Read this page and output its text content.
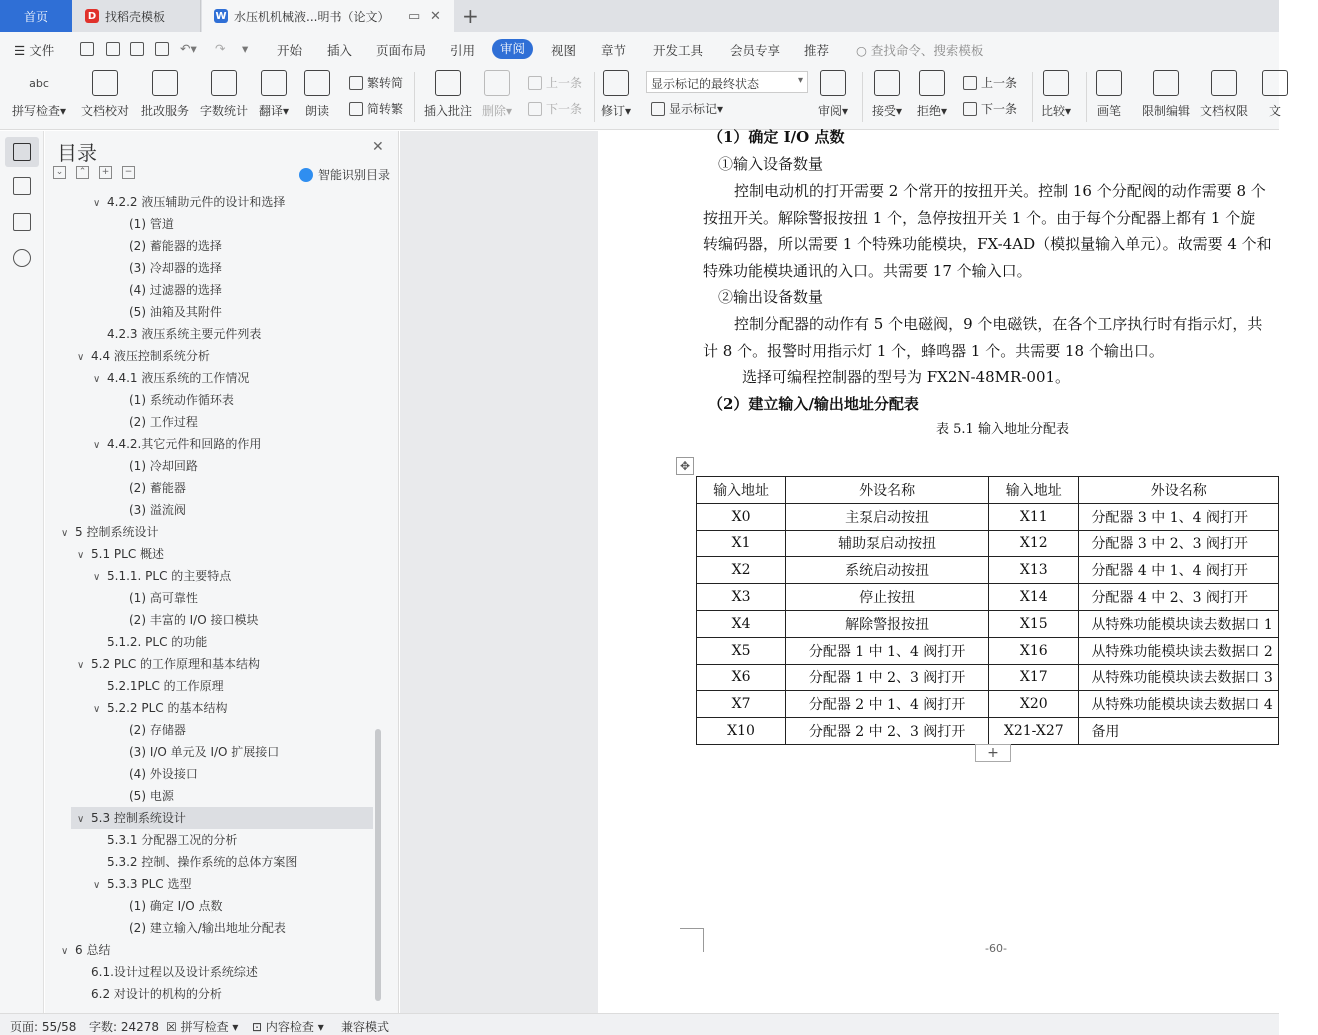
首页	D 找稻壳模板	W 水压机机械液...明书（论文） ▭ ✕ +
☰ 文件	↶▾ ↷ ▾ 开始 插入 页面布局 引用	审阅	视图 章节 开发工具 会员专享 推荐 ○ 查找命令、搜索模板
abc
拼写检查▾ 文档校对 批改服务 字数统计 翻译▾ 朗读
繁转简
简转繁 插入批注 删除▾
上一条
下一条 修订▾
显示标记的最终状态 ▾
显示标记 ▾	审阅▾ 接受▾ 拒绝▾
上一条
下一条 比较▾ 画笔 限制编辑 文档权限 文
目录	✕
⌄	⌃	+	−	智能识别目录
∨ 4.2.2 液压辅助元件的设计和选择
(1) 管道
(2) 蓄能器的选择
(3) 冷却器的选择
(4) 过滤器的选择
(5) 油箱及其附件
4.2.3 液压系统主要元件列表
∨ 4.4 液压控制系统分析
∨ 4.4.1 液压系统的工作情况
(1) 系统动作循环表
(2) 工作过程
∨ 4.4.2.其它元件和回路的作用
(1) 冷却回路
(2) 蓄能器
(3) 溢流阀
∨ 5 控制系统设计
∨ 5.1 PLC 概述
∨ 5.1.1. PLC 的主要特点
(1) 高可靠性
(2) 丰富的 I/O 接口模块
5.1.2. PLC 的功能
∨ 5.2 PLC 的工作原理和基本结构
5.2.1PLC 的工作原理
∨ 5.2.2 PLC 的基本结构
(2) 存储器
(3) I/O 单元及 I/O 扩展接口
(4) 外设接口
(5) 电源
∨ 5.3 控制系统设计
5.3.1 分配器工况的分析
5.3.2 控制、操作系统的总体方案图
∨ 5.3.3 PLC 选型
(1) 确定 I/O 点数
(2) 建立输入/输出地址分配表
∨ 6 总结
6.1.设计过程以及设计系统综述
6.2 对设计的机构的分析
（1）确定 I/O 点数
①输入设备数量
控制电动机的打开需要 2 个常开的按扭开关。控制 16 个分配阀的动作需要 8 个
按扭开关。解除警报按扭 1 个，急停按扭开关 1 个。由于每个分配器上都有 1 个旋
转编码器，所以需要 1 个特殊功能模块，FX-4AD（模拟量输入单元）。故需要 4 个和
特殊功能模块通讯的入口。共需要 17 个输入口。
②输出设备数量
控制分配器的动作有 5 个电磁阀，9 个电磁铁，在各个工序执行时有指示灯，共
计 8 个。报警时用指示灯 1 个，蜂鸣器 1 个。共需要 18 个输出口。
选择可编程控制器的型号为 FX2N-48MR-001。
（2）建立输入/输出地址分配表
表 5.1 输入地址分配表
✥
输入地址	外设名称	输入地址	外设名称
X0	主泵启动按扭	X11	分配器 3 中 1、4 阀打开
X1	辅助泵启动按扭	X12	分配器 3 中 2、3 阀打开
X2	系统启动按扭	X13	分配器 4 中 1、4 阀打开
X3	停止按扭	X14	分配器 4 中 2、3 阀打开
X4	解除警报按扭	X15	从特殊功能模块读去数据口 1
X5	分配器 1 中 1、4 阀打开	X16	从特殊功能模块读去数据口 2
X6	分配器 1 中 2、3 阀打开	X17	从特殊功能模块读去数据口 3
X7	分配器 2 中 1、4 阀打开	X20	从特殊功能模块读去数据口 4
X10	分配器 2 中 2、3 阀打开	X21-X27	备用
+
-60-
页面: 55/58 字数: 24278 ☒ 拼写检查 ▾ ⊡ 内容检查 ▾ 兼容模式
